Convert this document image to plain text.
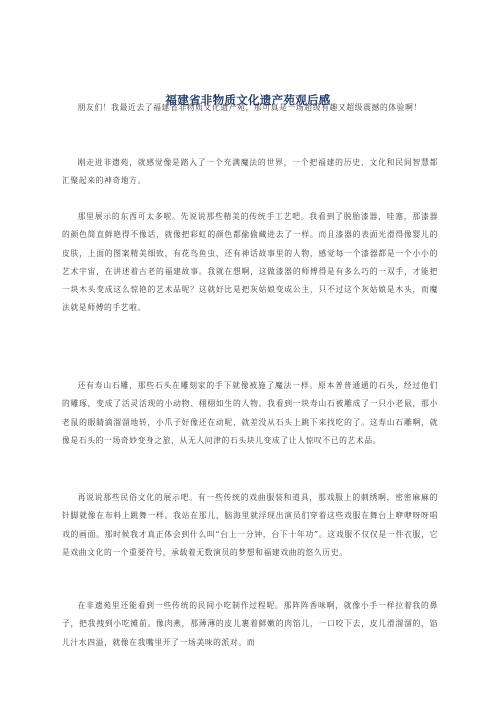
福建省非物质文化遗产苑观后感

朋友们！我最近去了福建省非物质文化遗产苑，那可真是一场超级有趣又超级震撼的体验啊！

刚走进非遗苑，就感觉像是踏入了一个充满魔法的世界，一个把福建的历史、文化和民间智慧都汇聚起来的神奇地方。

那里展示的东西可太多啦。先说说那些精美的传统手工艺吧。我看到了脱胎漆器，哇塞，那漆器的颜色简直鲜艳得不像话，就像把彩虹的颜色都偷偷藏进去了一样。而且漆器的表面光滑得像婴儿的皮肤，上面的图案精美细致，有花鸟鱼虫，还有神话故事里的人物，感觉每一个漆器都是一个小小的艺术宇宙，在讲述着古老的福建故事。我就在想啊，这做漆器的师傅得是有多么巧的一双手，才能把一块木头变成这么惊艳的艺术品呢？这就好比是把灰姑娘变成公主，只不过这个灰姑娘是木头，而魔法就是师傅的手艺啦。

还有寿山石雕，那些石头在雕刻家的手下就像被施了魔法一样。原本普普通通的石头，经过他们的雕琢，变成了活灵活现的小动物、栩栩如生的人物。我看到一块寿山石被雕成了一只小老鼠，那小老鼠的眼睛滴溜溜地转，小爪子好像还在动呢，就差没从石头上跳下来找吃的了。这寿山石雕啊，就像是石头的一场奇妙变身之旅，从无人问津的石头块儿变成了让人惊叹不已的艺术品。

再说说那些民俗文化的展示吧。有一些传统的戏曲服装和道具，那戏服上的刺绣啊，密密麻麻的针脚就像在布料上跳舞一样。我站在那儿，脑海里就浮现出演员们穿着这些戏服在舞台上咿咿呀呀唱戏的画面。那时候我才真正体会到什么叫“台上一分钟，台下十年功”。这戏服不仅仅是一件衣服，它是戏曲文化的一个重要符号，承载着无数演员的梦想和福建戏曲的悠久历史。

在非遗苑里还能看到一些传统的民间小吃制作过程呢。那阵阵香味啊，就像小手一样拉着我的鼻子，把我拽到小吃摊前。像肉燕，那薄薄的皮儿裹着鲜嫩的肉馅儿，一口咬下去，皮儿滑溜溜的，馅儿汁水四溢，就像在我嘴里开了一场美味的派对。而
